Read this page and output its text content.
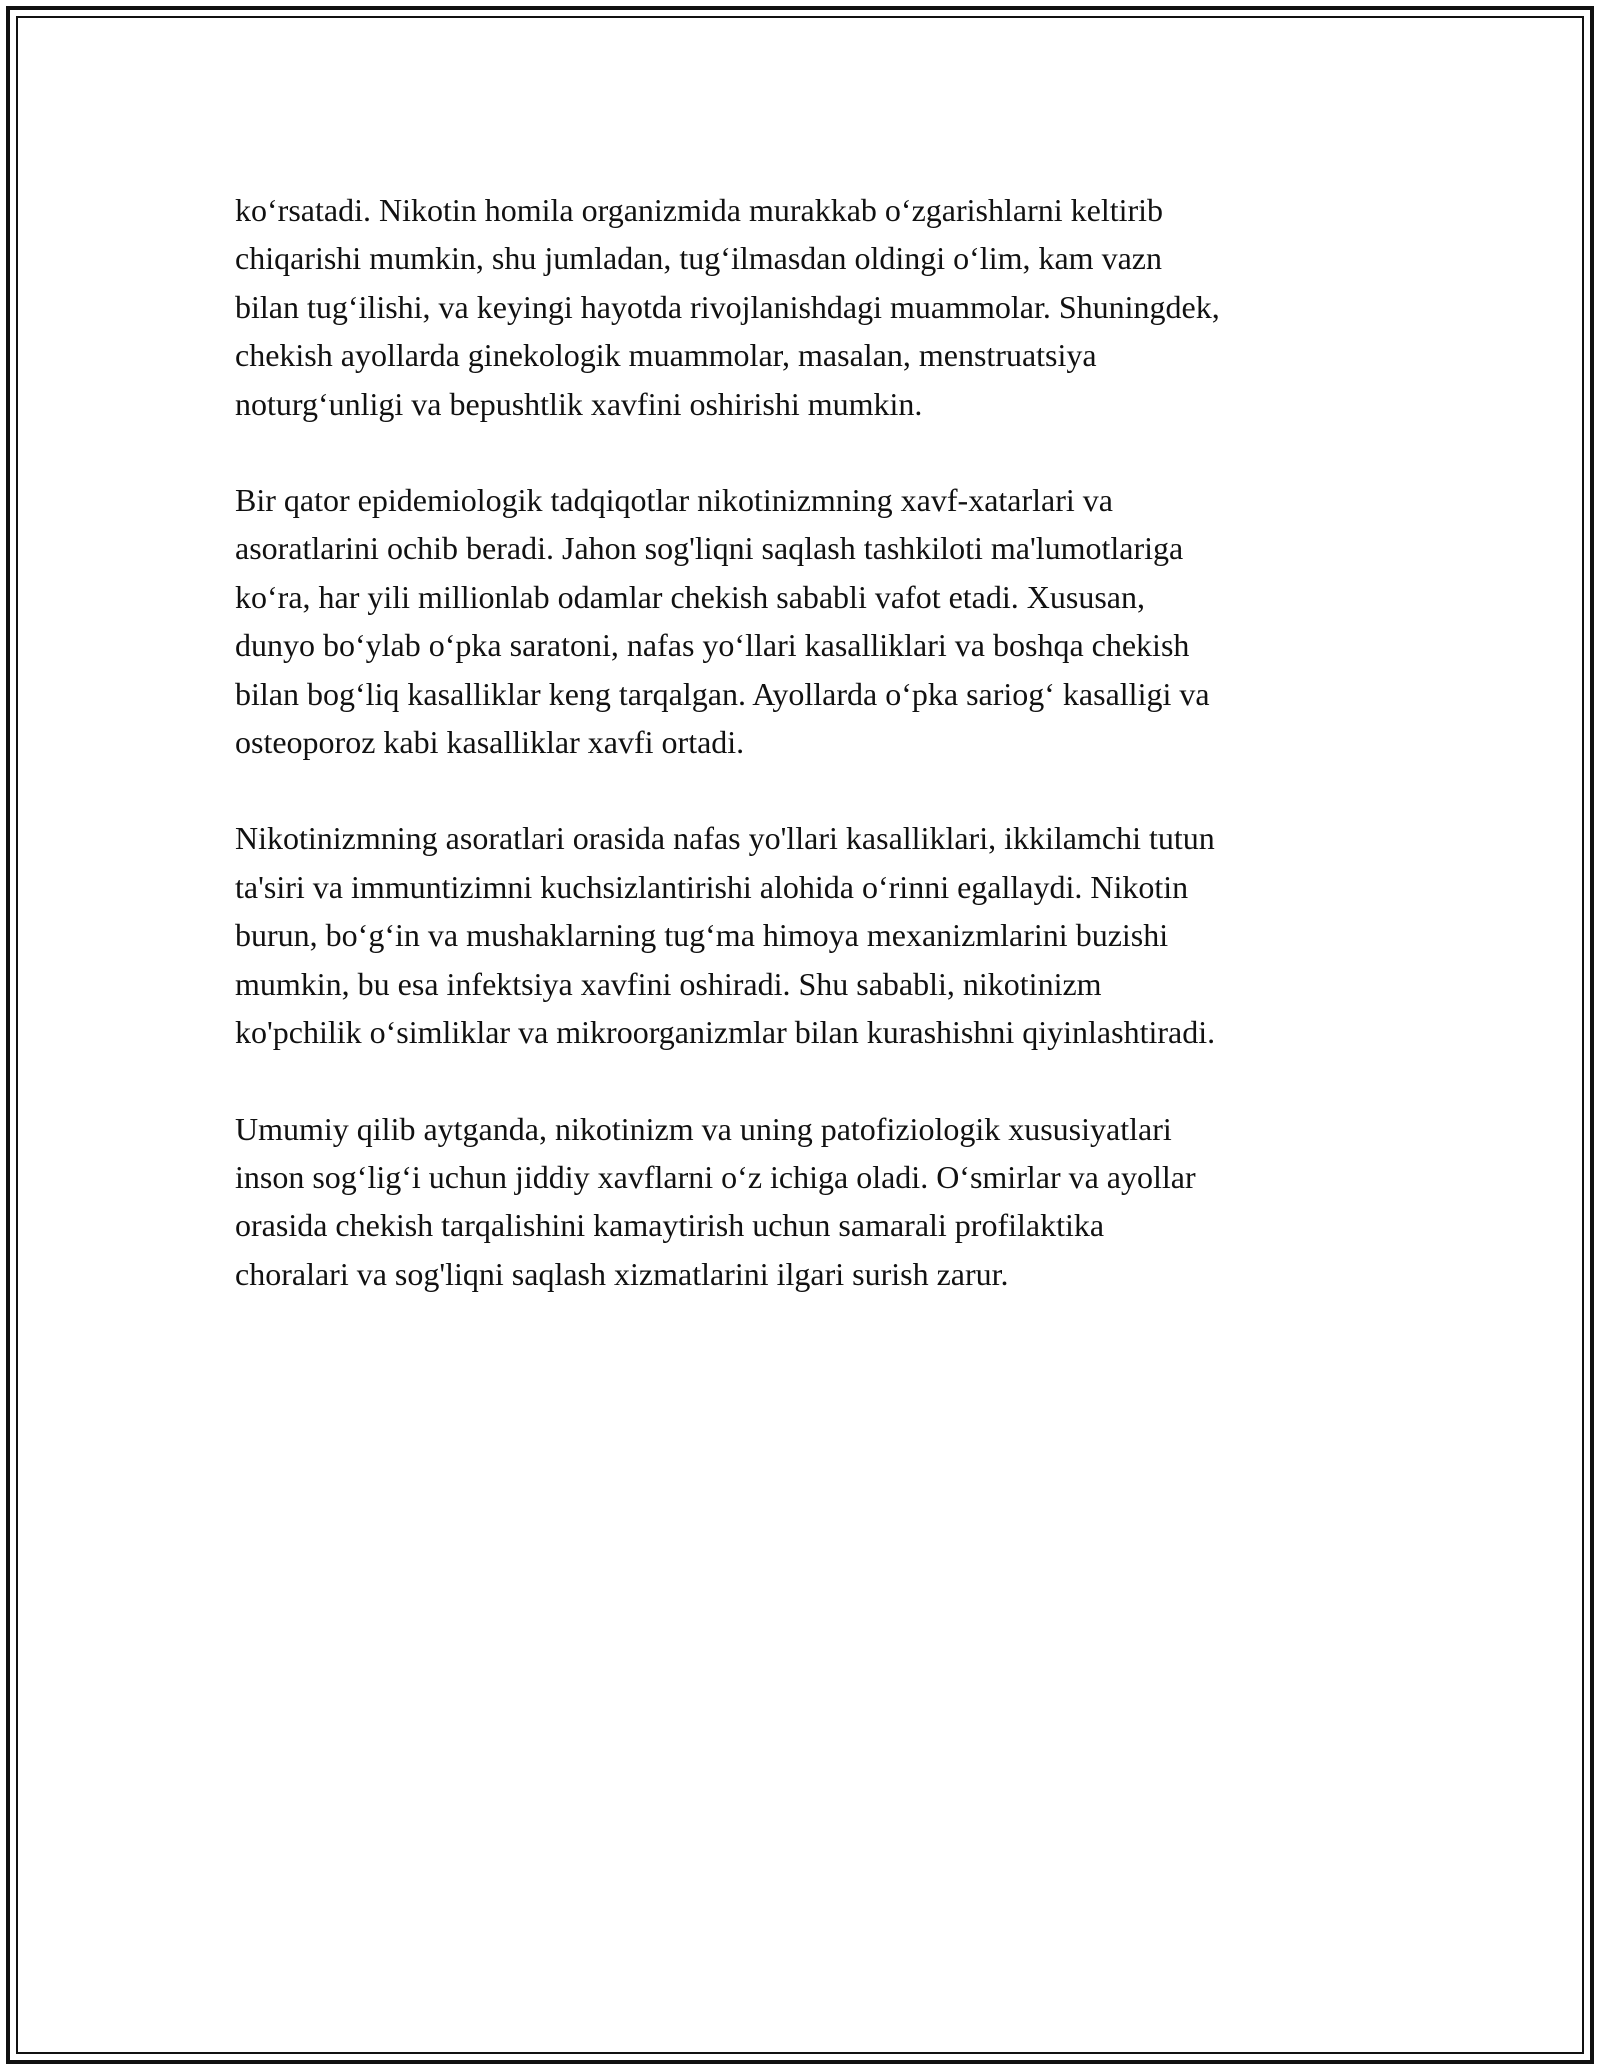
ko‘rsatadi. Nikotin homila organizmida murakkab o‘zgarishlarni keltirib
chiqarishi mumkin, shu jumladan, tug‘ilmasdan oldingi o‘lim, kam vazn
bilan tug‘ilishi, va keyingi hayotda rivojlanishdagi muammolar. Shuningdek,
chekish ayollarda ginekologik muammolar, masalan, menstruatsiya
noturg‘unligi va bepushtlik xavfini oshirishi mumkin.

Bir qator epidemiologik tadqiqotlar nikotinizmning xavf-xatarlari va
asoratlarini ochib beradi. Jahon sog'liqni saqlash tashkiloti ma'lumotlariga
ko‘ra, har yili millionlab odamlar chekish sababli vafot etadi. Xususan,
dunyo bo‘ylab o‘pka saratoni, nafas yo‘llari kasalliklari va boshqa chekish
bilan bog‘liq kasalliklar keng tarqalgan. Ayollarda o‘pka sariog‘ kasalligi va
osteoporoz kabi kasalliklar xavfi ortadi.

Nikotinizmning asoratlari orasida nafas yo'llari kasalliklari, ikkilamchi tutun
ta'siri va immuntizimni kuchsizlantirishi alohida o‘rinni egallaydi. Nikotin
burun, bo‘g‘in va mushaklarning tug‘ma himoya mexanizmlarini buzishi
mumkin, bu esa infektsiya xavfini oshiradi. Shu sababli, nikotinizm
ko'pchilik o‘simliklar va mikroorganizmlar bilan kurashishni qiyinlashtiradi.

Umumiy qilib aytganda, nikotinizm va uning patofiziologik xususiyatlari
inson sog‘lig‘i uchun jiddiy xavflarni o‘z ichiga oladi. O‘smirlar va ayollar
orasida chekish tarqalishini kamaytirish uchun samarali profilaktika
choralari va sog'liqni saqlash xizmatlarini ilgari surish zarur.
